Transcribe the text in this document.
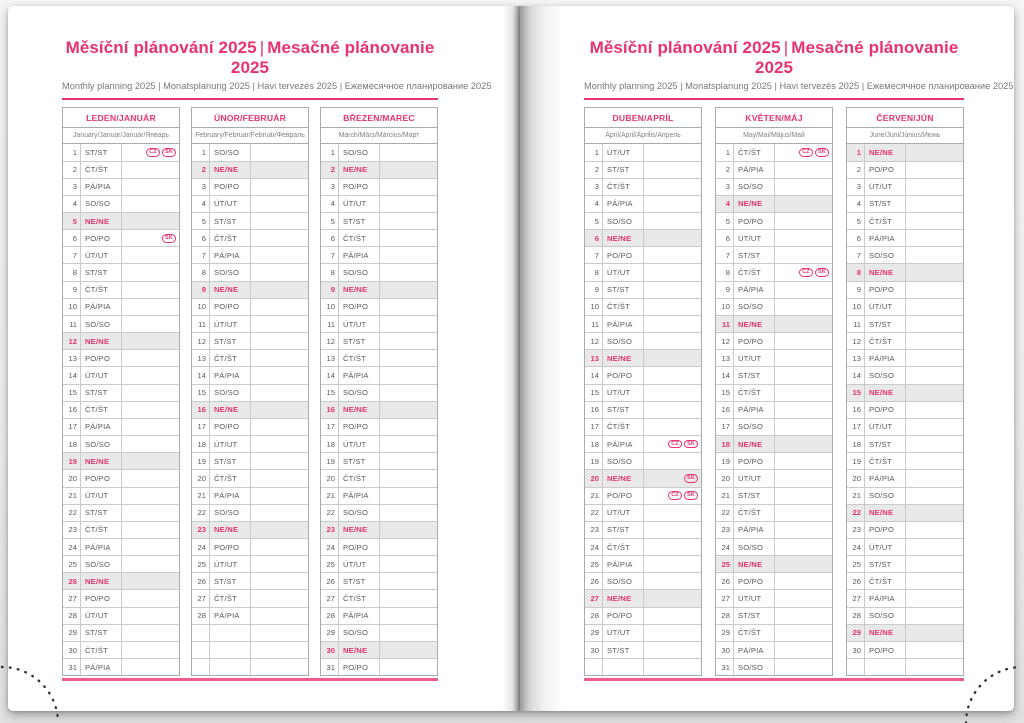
Měsíční plánování 2025 | Mesačné plánovanie 2025
Monthly planning 2025 | Monatsplanung 2025 | Havi tervezés 2025 | Ежемесячное планирование 2025
LEDEN/JANUÁR
January/Januar/Január/Январь
1	ST/ST	CZ	SK
2	ČT/ŠT
3	PÁ/PIA
4	SO/SO
5	NE/NE
6	PO/PO	SK
7	ÚT/UT
8	ST/ST
9	ČT/ŠT
10	PÁ/PIA
11	SO/SO
12	NE/NE
13	PO/PO
14	ÚT/UT
15	ST/ST
16	ČT/ŠT
17	PÁ/PIA
18	SO/SO
19	NE/NE
20	PO/PO
21	ÚT/UT
22	ST/ST
23	ČT/ŠT
24	PÁ/PIA
25	SO/SO
26	NE/NE
27	PO/PO
28	ÚT/UT
29	ST/ST
30	ČT/ŠT
31	PÁ/PIA
ÚNOR/FEBRUÁR
February/Februar/Február/Февраль
1	SO/SO
2	NE/NE
3	PO/PO
4	ÚT/UT
5	ST/ST
6	ČT/ŠT
7	PÁ/PIA
8	SO/SO
9	NE/NE
10	PO/PO
11	ÚT/UT
12	ST/ST
13	ČT/ŠT
14	PÁ/PIA
15	SO/SO
16	NE/NE
17	PO/PO
18	ÚT/UT
19	ST/ST
20	ČT/ŠT
21	PÁ/PIA
22	SO/SO
23	NE/NE
24	PO/PO
25	ÚT/UT
26	ST/ST
27	ČT/ŠT
28	PÁ/PIA
BŘEZEN/MAREC
March/März/Március/Март
1	SO/SO
2	NE/NE
3	PO/PO
4	ÚT/UT
5	ST/ST
6	ČT/ŠT
7	PÁ/PIA
8	SO/SO
9	NE/NE
10	PO/PO
11	ÚT/UT
12	ST/ST
13	ČT/ŠT
14	PÁ/PIA
15	SO/SO
16	NE/NE
17	PO/PO
18	ÚT/UT
19	ST/ST
20	ČT/ŠT
21	PÁ/PIA
22	SO/SO
23	NE/NE
24	PO/PO
25	ÚT/UT
26	ST/ST
27	ČT/ŠT
28	PÁ/PIA
29	SO/SO
30	NE/NE
31	PO/PO
Měsíční plánování 2025 | Mesačné plánovanie 2025
Monthly planning 2025 | Monatsplanung 2025 | Havi tervezés 2025 | Ежемесячное планирование 2025
DUBEN/APRÍL
April/April/Április/Апрель
1	ÚT/UT
2	ST/ST
3	ČT/ŠT
4	PÁ/PIA
5	SO/SO
6	NE/NE
7	PO/PO
8	ÚT/UT
9	ST/ST
10	ČT/ŠT
11	PÁ/PIA
12	SO/SO
13	NE/NE
14	PO/PO
15	ÚT/UT
16	ST/ST
17	ČT/ŠT
18	PÁ/PIA	CZ	SK
19	SO/SO
20	NE/NE	SK
21	PO/PO	CZ	SK
22	ÚT/UT
23	ST/ST
24	ČT/ŠT
25	PÁ/PIA
26	SO/SO
27	NE/NE
28	PO/PO
29	ÚT/UT
30	ST/ST
KVĚTEN/MÁJ
May/Mai/Május/Май
1	ČT/ŠT	CZ	SK
2	PÁ/PIA
3	SO/SO
4	NE/NE
5	PO/PO
6	ÚT/UT
7	ST/ST
8	ČT/ŠT	CZ	SK
9	PÁ/PIA
10	SO/SO
11	NE/NE
12	PO/PO
13	ÚT/UT
14	ST/ST
15	ČT/ŠT
16	PÁ/PIA
17	SO/SO
18	NE/NE
19	PO/PO
20	ÚT/UT
21	ST/ST
22	ČT/ŠT
23	PÁ/PIA
24	SO/SO
25	NE/NE
26	PO/PO
27	ÚT/UT
28	ST/ST
29	ČT/ŠT
30	PÁ/PIA
31	SO/SO
ČERVEN/JÚN
June/Juni/Június/Июнь
1	NE/NE
2	PO/PO
3	ÚT/UT
4	ST/ST
5	ČT/ŠT
6	PÁ/PIA
7	SO/SO
8	NE/NE
9	PO/PO
10	ÚT/UT
11	ST/ST
12	ČT/ŠT
13	PÁ/PIA
14	SO/SO
15	NE/NE
16	PO/PO
17	ÚT/UT
18	ST/ST
19	ČT/ŠT
20	PÁ/PIA
21	SO/SO
22	NE/NE
23	PO/PO
24	ÚT/UT
25	ST/ST
26	ČT/ŠT
27	PÁ/PIA
28	SO/SO
29	NE/NE
30	PO/PO
